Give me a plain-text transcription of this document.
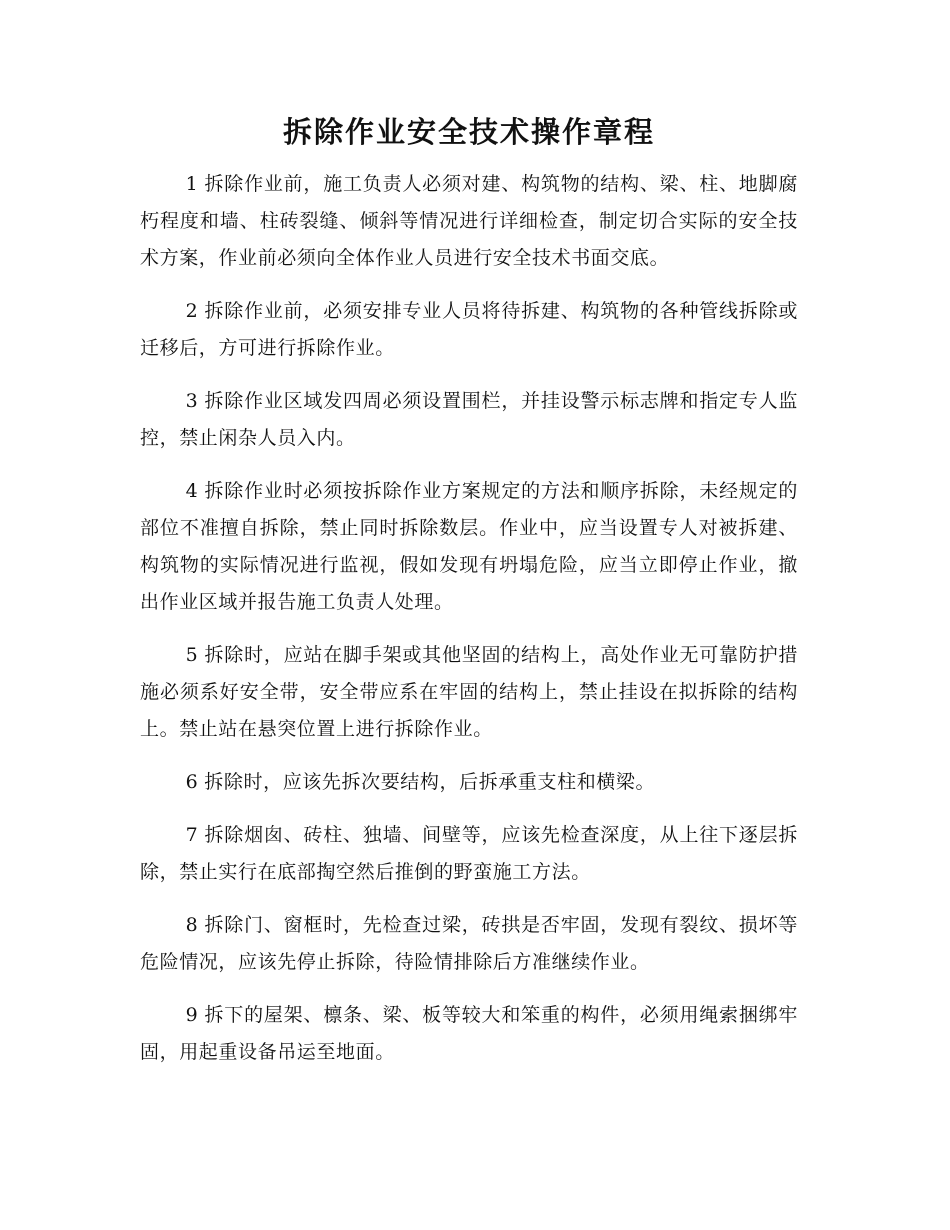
拆除作业安全技术操作章程

1 拆除作业前，施工负责人必须对建、构筑物的结构、梁、柱、地脚腐朽程度和墙、柱砖裂缝、倾斜等情况进行详细检查，制定切合实际的安全技术方案，作业前必须向全体作业人员进行安全技术书面交底。

2 拆除作业前，必须安排专业人员将待拆建、构筑物的各种管线拆除或迁移后，方可进行拆除作业。

3 拆除作业区域发四周必须设置围栏，并挂设警示标志牌和指定专人监控，禁止闲杂人员入内。

4 拆除作业时必须按拆除作业方案规定的方法和顺序拆除，未经规定的部位不准擅自拆除，禁止同时拆除数层。作业中，应当设置专人对被拆建、构筑物的实际情况进行监视，假如发现有坍塌危险，应当立即停止作业，撤出作业区域并报告施工负责人处理。

5 拆除时，应站在脚手架或其他坚固的结构上，高处作业无可靠防护措施必须系好安全带，安全带应系在牢固的结构上，禁止挂设在拟拆除的结构上。禁止站在悬突位置上进行拆除作业。

6 拆除时，应该先拆次要结构，后拆承重支柱和横梁。

7 拆除烟囱、砖柱、独墙、间壁等，应该先检查深度，从上往下逐层拆除，禁止实行在底部掏空然后推倒的野蛮施工方法。

8 拆除门、窗框时，先检查过梁，砖拱是否牢固，发现有裂纹、损坏等危险情况，应该先停止拆除，待险情排除后方准继续作业。

9 拆下的屋架、檩条、梁、板等较大和笨重的构件，必须用绳索捆绑牢固，用起重设备吊运至地面。
